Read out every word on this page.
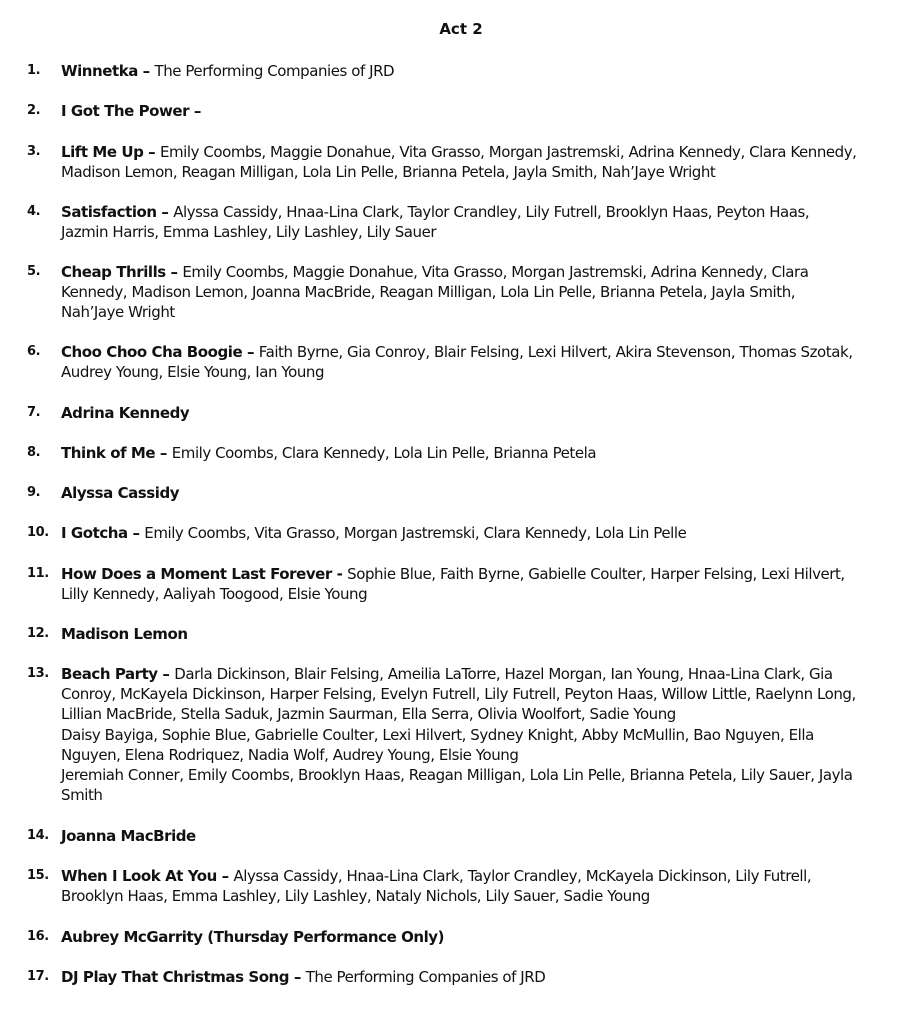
Act 2
1.	Winnetka – The Performing Companies of JRD
2.	I Got The Power –
3.	Lift Me Up – Emily Coombs, Maggie Donahue, Vita Grasso, Morgan Jastremski, Adrina Kennedy, Clara Kennedy,
Madison Lemon, Reagan Milligan, Lola Lin Pelle, Brianna Petela, Jayla Smith, Nah’Jaye Wright
4.	Satisfaction – Alyssa Cassidy, Hnaa-Lina Clark, Taylor Crandley, Lily Futrell, Brooklyn Haas, Peyton Haas,
Jazmin Harris, Emma Lashley, Lily Lashley, Lily Sauer
5.	Cheap Thrills – Emily Coombs, Maggie Donahue, Vita Grasso, Morgan Jastremski, Adrina Kennedy, Clara
Kennedy, Madison Lemon, Joanna MacBride, Reagan Milligan, Lola Lin Pelle, Brianna Petela, Jayla Smith,
Nah’Jaye Wright
6.	Choo Choo Cha Boogie – Faith Byrne, Gia Conroy, Blair Felsing, Lexi Hilvert, Akira Stevenson, Thomas Szotak,
Audrey Young, Elsie Young, Ian Young
7.	Adrina Kennedy
8.	Think of Me – Emily Coombs, Clara Kennedy, Lola Lin Pelle, Brianna Petela
9.	Alyssa Cassidy
10. I Gotcha – Emily Coombs, Vita Grasso, Morgan Jastremski, Clara Kennedy, Lola Lin Pelle
11. How Does a Moment Last Forever - Sophie Blue, Faith Byrne, Gabielle Coulter, Harper Felsing, Lexi Hilvert,
Lilly Kennedy, Aaliyah Toogood, Elsie Young
12. Madison Lemon
13. Beach Party – Darla Dickinson, Blair Felsing, Ameilia LaTorre, Hazel Morgan, Ian Young, Hnaa-Lina Clark, Gia
Conroy, McKayela Dickinson, Harper Felsing, Evelyn Futrell, Lily Futrell, Peyton Haas, Willow Little, Raelynn Long,
Lillian MacBride, Stella Saduk, Jazmin Saurman, Ella Serra, Olivia Woolfort, Sadie Young
Daisy Bayiga, Sophie Blue, Gabrielle Coulter, Lexi Hilvert, Sydney Knight, Abby McMullin, Bao Nguyen, Ella
Nguyen, Elena Rodriquez, Nadia Wolf, Audrey Young, Elsie Young
Jeremiah Conner, Emily Coombs, Brooklyn Haas, Reagan Milligan, Lola Lin Pelle, Brianna Petela, Lily Sauer, Jayla
Smith
14. Joanna MacBride
15. When I Look At You – Alyssa Cassidy, Hnaa-Lina Clark, Taylor Crandley, McKayela Dickinson, Lily Futrell,
Brooklyn Haas, Emma Lashley, Lily Lashley, Nataly Nichols, Lily Sauer, Sadie Young
16. Aubrey McGarrity (Thursday Performance Only)
17. DJ Play That Christmas Song – The Performing Companies of JRD
